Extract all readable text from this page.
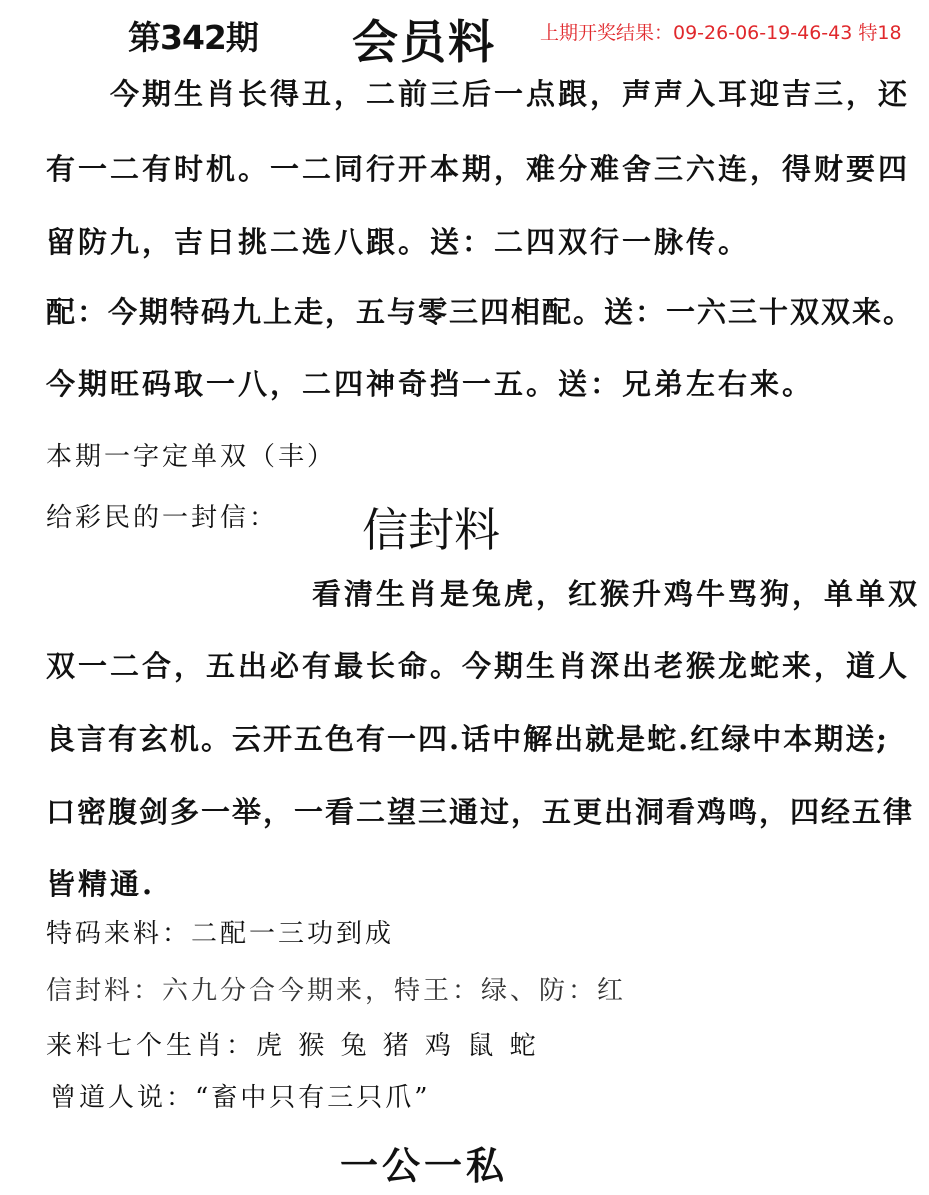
第342期 会员料 上期开奖结果：09-26-06-19-46-43 特18
今期生肖长得丑，二前三后一点跟，声声入耳迎吉三，还
有一二有时机。一二同行开本期，难分难舍三六连，得财要四
留防九，吉日挑二选八跟。送：二四双行一脉传。
配：今期特码九上走，五与零三四相配。送：一六三十双双来。
今期旺码取一八，二四神奇挡一五。送：兄弟左右来。
本期一字定单双（丰）
给彩民的一封信： 信封料
看清生肖是兔虎，红猴升鸡牛骂狗，单单双
双一二合，五出必有最长命。今期生肖深出老猴龙蛇来，道人
良言有玄机。云开五色有一四.话中解出就是蛇.红绿中本期送;
口密腹剑多一举，一看二望三通过，五更出洞看鸡鸣，四经五律
皆精通.
特码来料：二配一三功到成
信封料：六九分合今期来，特王：绿、防：红
来料七个生肖：虎 猴 兔 猪 鸡 鼠 蛇
曾道人说：“畜中只有三只爪”
一公一私
